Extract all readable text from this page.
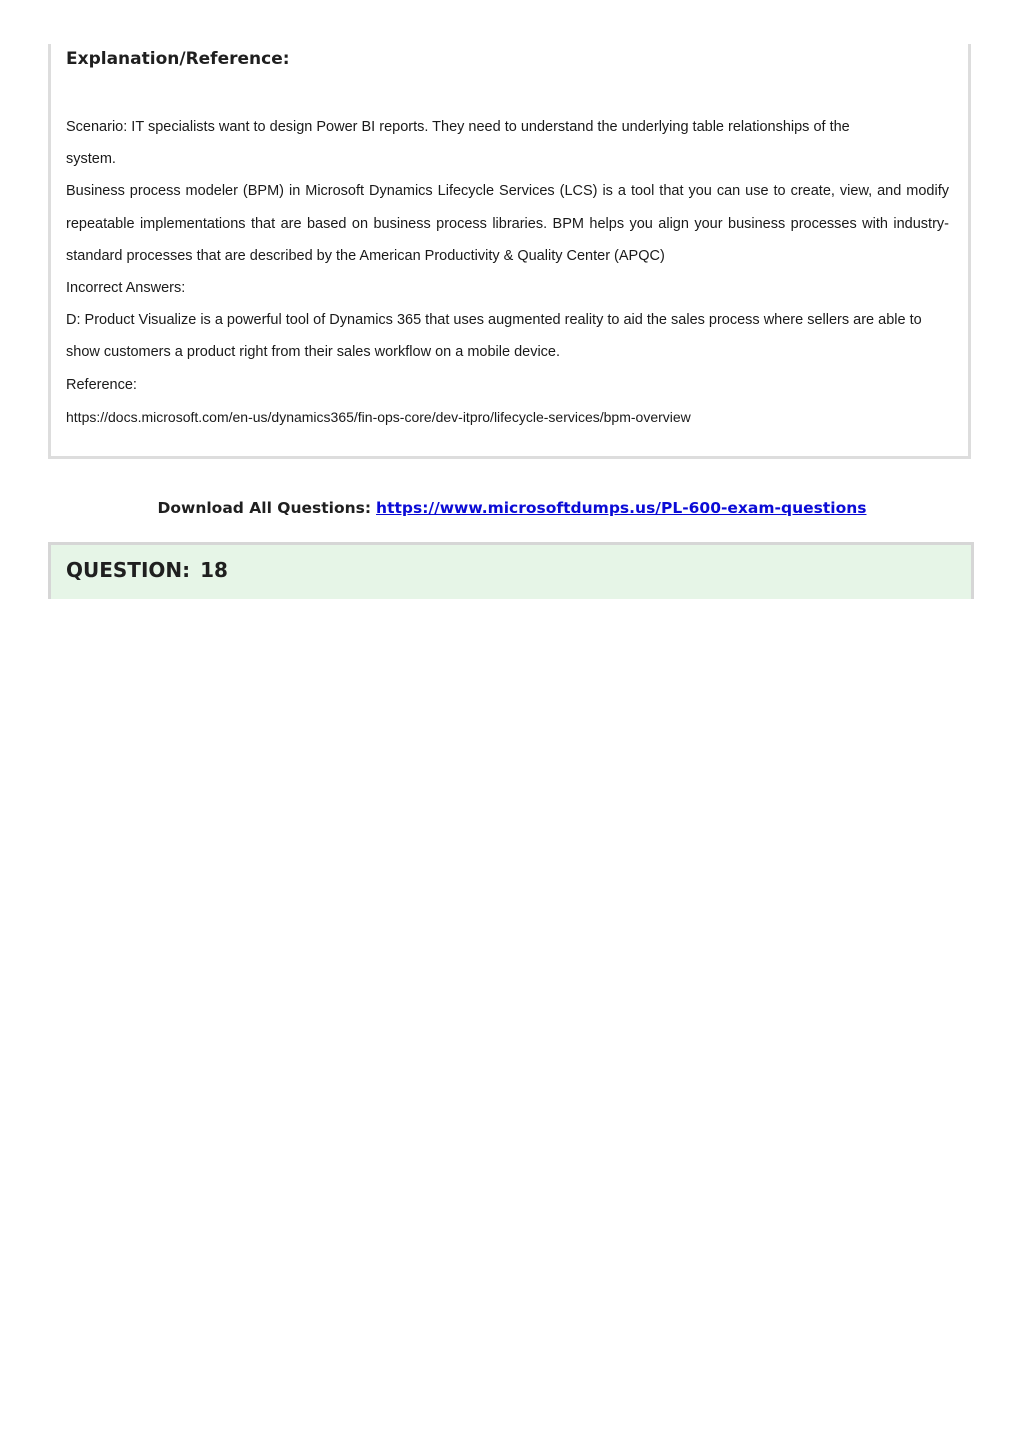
Explanation/Reference:

Scenario: IT specialists want to design Power BI reports. They need to understand the underlying table relationships of the

system.

Business process modeler (BPM) in Microsoft Dynamics Lifecycle Services (LCS) is a tool that you can use to create, view, and modify repeatable implementations that are based on business process libraries. BPM helps you align your business processes with industry-standard processes that are described by the American Productivity & Quality Center (APQC)

Incorrect Answers:

D: Product Visualize is a powerful tool of Dynamics 365 that uses augmented reality to aid the sales process where sellers are able to show customers a product right from their sales workflow on a mobile device.

Reference:

https://docs.microsoft.com/en-us/dynamics365/fin-ops-core/dev-itpro/lifecycle-services/bpm-overview

Download All Questions: https://www.microsoftdumps.us/PL-600-exam-questions
QUESTION: 18
